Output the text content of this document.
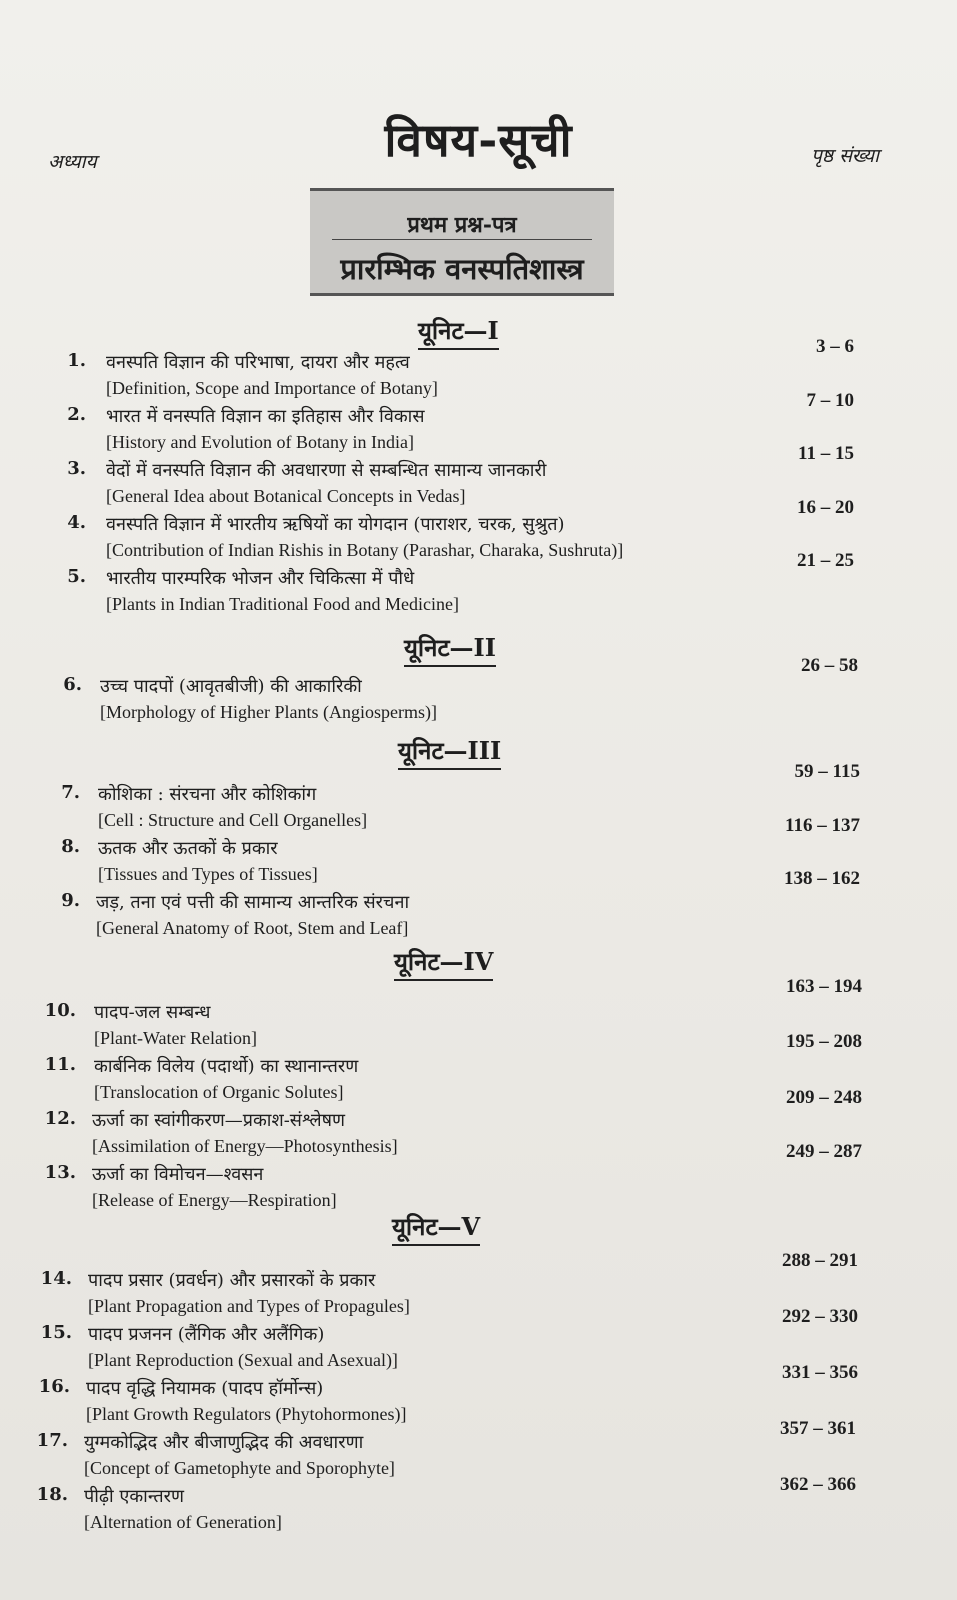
अध्याय	विषय-सूची	पृष्ठ संख्या
प्रथम प्रश्न-पत्र
प्रारम्भिक वनस्पतिशास्त्र
यूनिट—I
यूनिट—II
यूनिट—III
यूनिट—IV
यूनिट—V
1. वनस्पति विज्ञान की परिभाषा, दायरा और महत्व
[Definition, Scope and Importance of Botany]
3 – 6
2. भारत में वनस्पति विज्ञान का इतिहास और विकास
[History and Evolution of Botany in India]
7 – 10
3. वेदों में वनस्पति विज्ञान की अवधारणा से सम्बन्धित सामान्य जानकारी
[General Idea about Botanical Concepts in Vedas]
11 – 15
4. वनस्पति विज्ञान में भारतीय ऋषियों का योगदान (पाराशर, चरक, सुश्रुत)
[Contribution of Indian Rishis in Botany (Parashar, Charaka, Sushruta)]
16 – 20
5. भारतीय पारम्परिक भोजन और चिकित्सा में पौधे
[Plants in Indian Traditional Food and Medicine]
21 – 25
6. उच्च पादपों (आवृतबीजी) की आकारिकी
[Morphology of Higher Plants (Angiosperms)]
26 – 58
7. कोशिका : संरचना और कोशिकांग
[Cell : Structure and Cell Organelles]
59 – 115
8. ऊतक और ऊतकों के प्रकार
[Tissues and Types of Tissues]
116 – 137
9. जड़, तना एवं पत्ती की सामान्य आन्तरिक संरचना
[General Anatomy of Root, Stem and Leaf]
138 – 162
10. पादप-जल सम्बन्ध
[Plant-Water Relation]
163 – 194
11. कार्बनिक विलेय (पदार्थो) का स्थानान्तरण
[Translocation of Organic Solutes]
195 – 208
12. ऊर्जा का स्वांगीकरण—प्रकाश-संश्लेषण
[Assimilation of Energy—Photosynthesis]
209 – 248
13. ऊर्जा का विमोचन—श्वसन
[Release of Energy—Respiration]
249 – 287
14. पादप प्रसार (प्रवर्धन) और प्रसारकों के प्रकार
[Plant Propagation and Types of Propagules]
288 – 291
15. पादप प्रजनन (लैंगिक और अलैंगिक)
[Plant Reproduction (Sexual and Asexual)]
292 – 330
16. पादप वृद्धि नियामक (पादप हॉर्मोन्स)
[Plant Growth Regulators (Phytohormones)]
331 – 356
17. युग्मकोद्भिद और बीजाणुद्भिद की अवधारणा
[Concept of Gametophyte and Sporophyte]
357 – 361
18. पीढ़ी एकान्तरण
[Alternation of Generation]
362 – 366
